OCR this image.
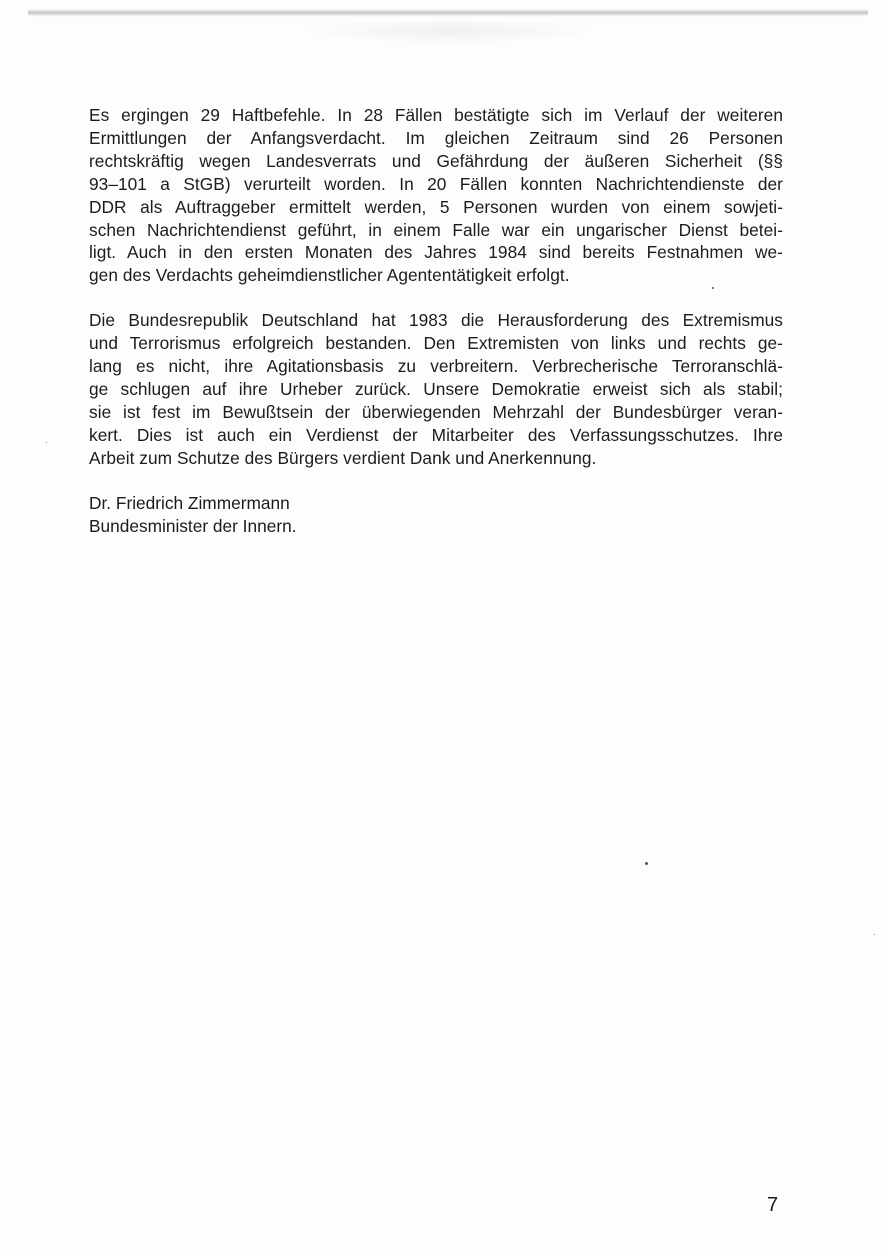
Es ergingen 29 Haftbefehle. In 28 Fällen bestätigte sich im Verlauf der weiteren
Ermittlungen der Anfangsverdacht. Im gleichen Zeitraum sind 26 Personen
rechtskräftig wegen Landesverrats und Gefährdung der äußeren Sicherheit (§§
93–101 a StGB) verurteilt worden. In 20 Fällen konnten Nachrichtendienste der
DDR als Auftraggeber ermittelt werden, 5 Personen wurden von einem sowjeti-
schen Nachrichtendienst geführt, in einem Falle war ein ungarischer Dienst betei-
ligt. Auch in den ersten Monaten des Jahres 1984 sind bereits Festnahmen we-
gen des Verdachts geheimdienstlicher Agententätigkeit erfolgt.

Die Bundesrepublik Deutschland hat 1983 die Herausforderung des Extremismus
und Terrorismus erfolgreich bestanden. Den Extremisten von links und rechts ge-
lang es nicht, ihre Agitationsbasis zu verbreitern. Verbrecherische Terroranschlä-
ge schlugen auf ihre Urheber zurück. Unsere Demokratie erweist sich als stabil;
sie ist fest im Bewußtsein der überwiegenden Mehrzahl der Bundesbürger veran-
kert. Dies ist auch ein Verdienst der Mitarbeiter des Verfassungsschutzes. Ihre
Arbeit zum Schutze des Bürgers verdient Dank und Anerkennung.

Dr. Friedrich Zimmermann
Bundesminister der Innern.
7
